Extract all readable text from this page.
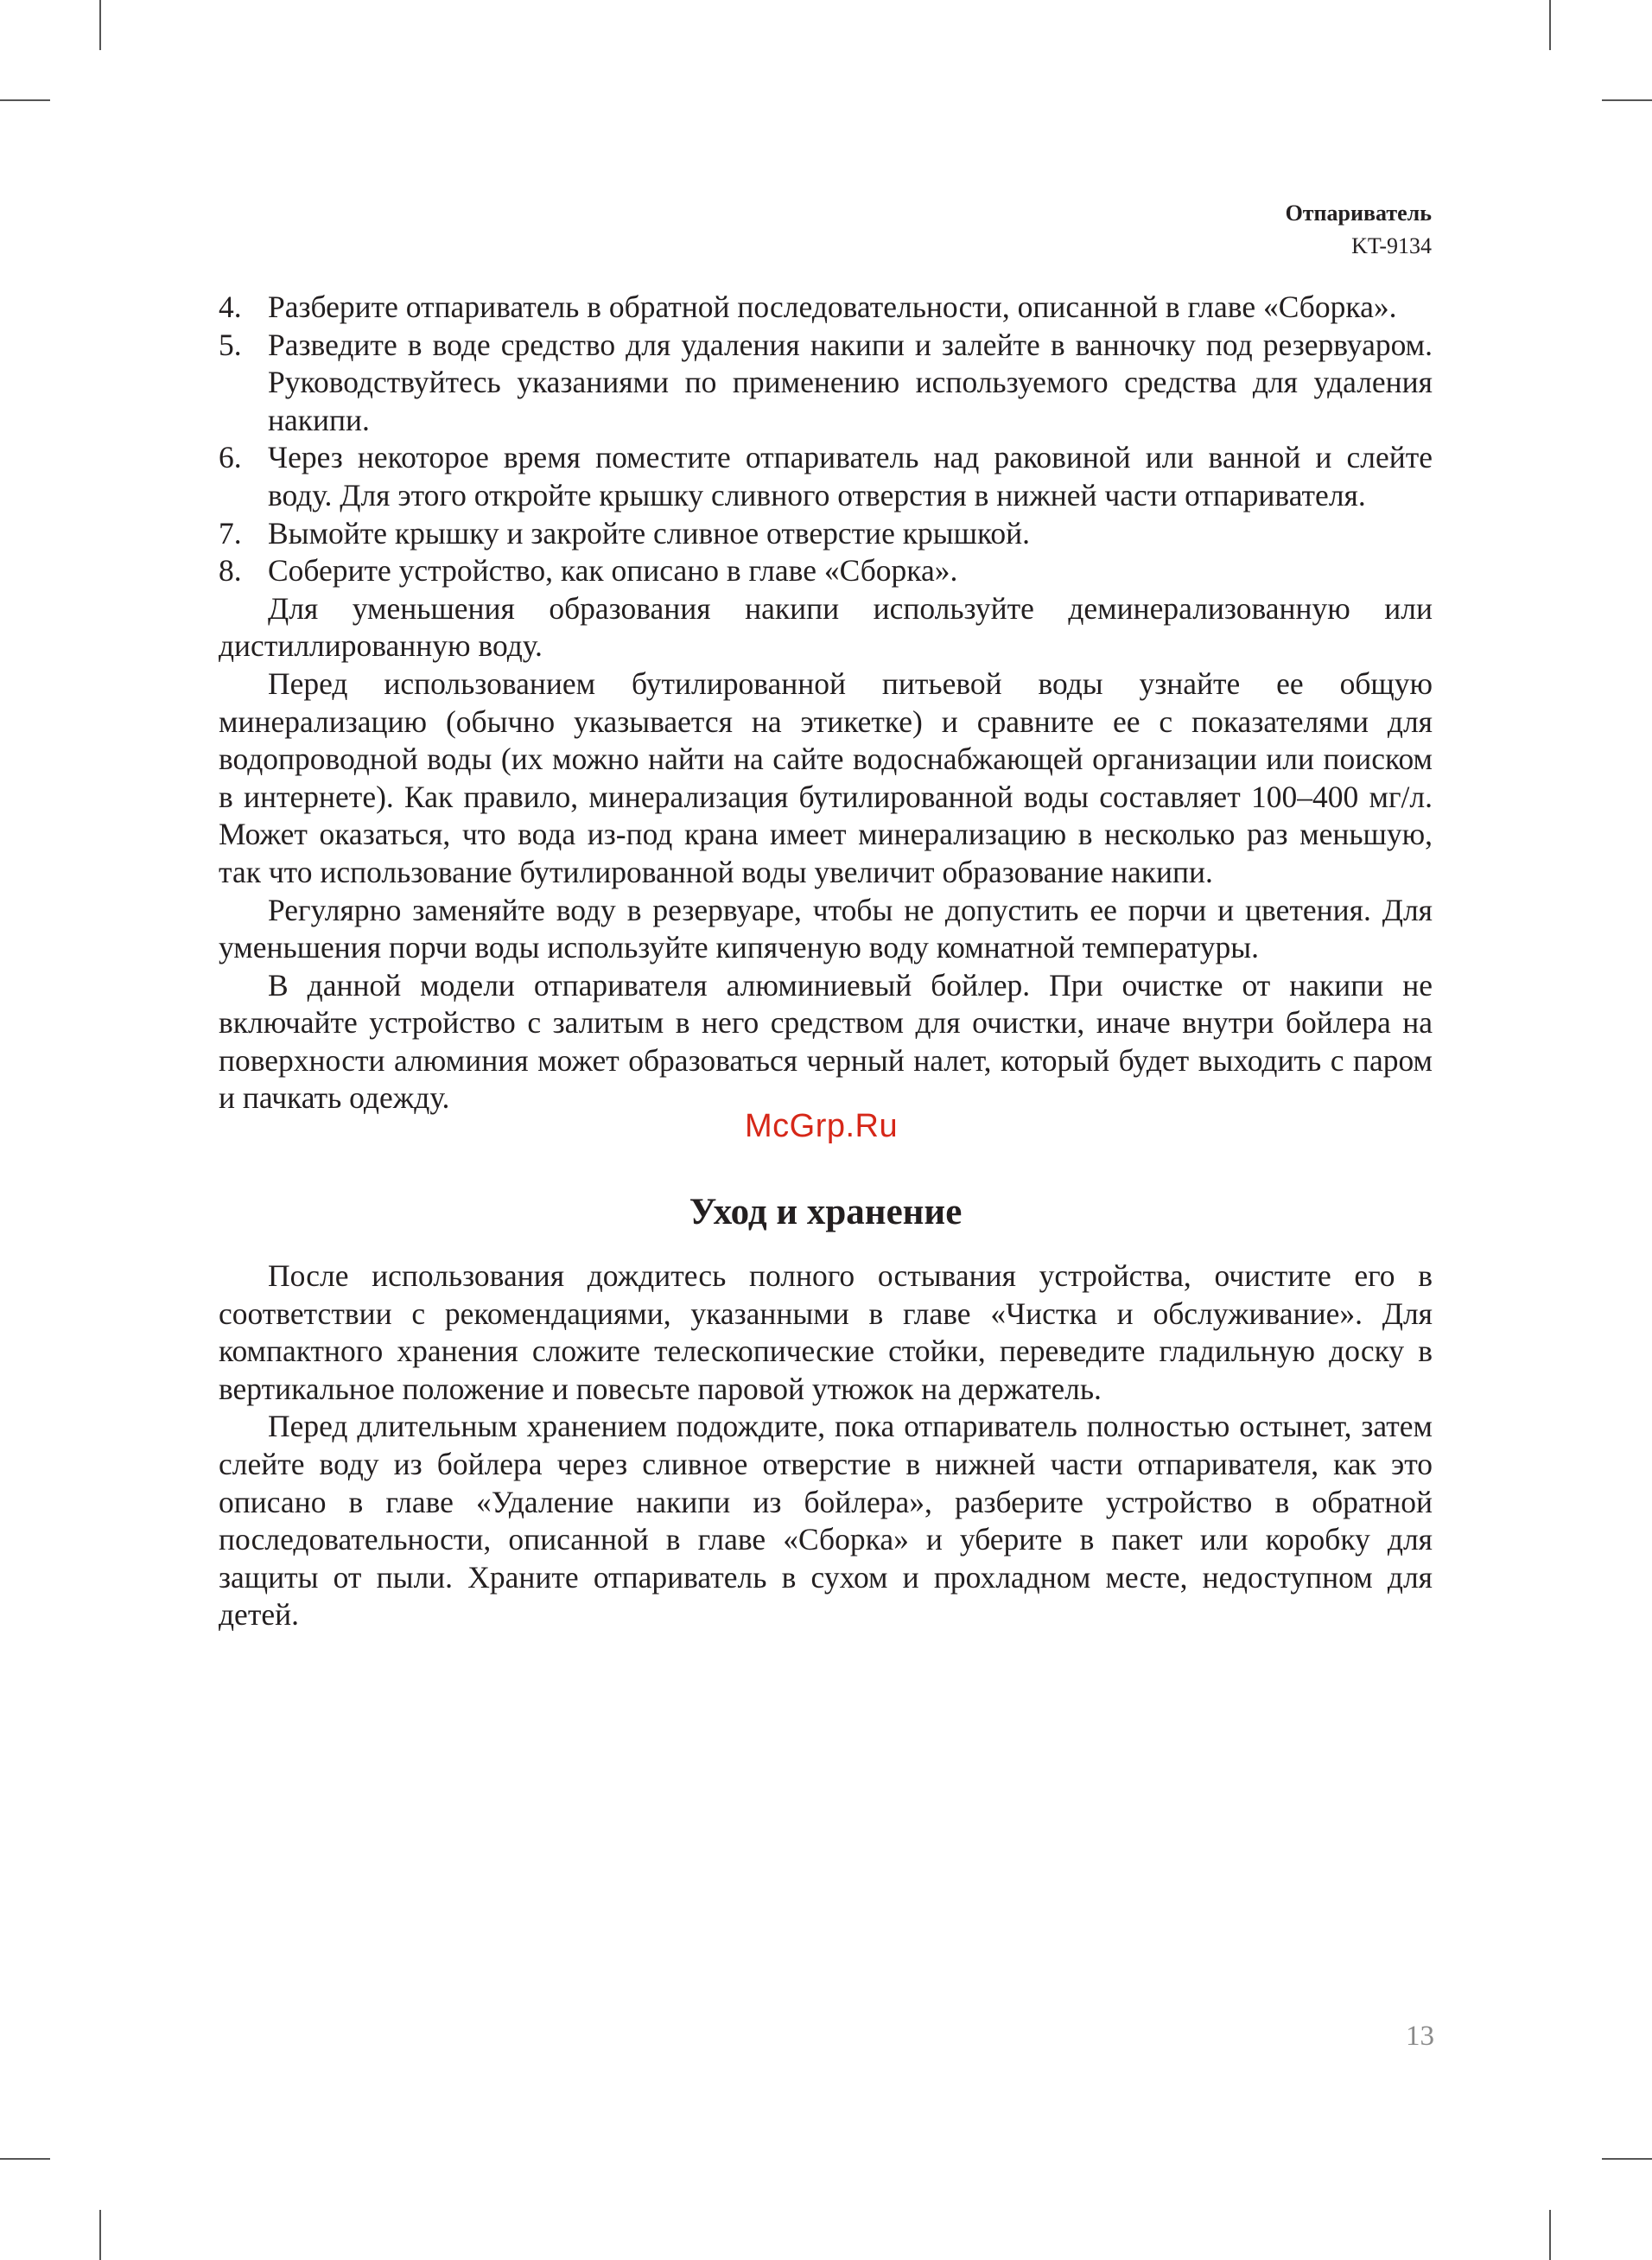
Отпариватель
KT-9134
4. Разберите отпариватель в обратной последовательности, описанной в главе «Сборка».
5. Разведите в воде средство для удаления накипи и залейте в ванночку под резервуаром. Руководствуйтесь указаниями по применению используемого средства для удаления накипи.
6. Через некоторое время поместите отпариватель над раковиной или ванной и слейте воду. Для этого откройте крышку сливного отверстия в нижней части отпаривателя.
7. Вымойте крышку и закройте сливное отверстие крышкой.
8. Соберите устройство, как описано в главе «Сборка».

Для уменьшения образования накипи используйте деминерализованную или дистиллированную воду.

Перед использованием бутилированной питьевой воды узнайте ее общую минерализацию (обычно указывается на этикетке) и сравните ее с показателями для водопроводной воды (их можно найти на сайте водоснабжающей организации или поиском в интернете). Как правило, минерализация бутилированной воды составляет 100–400 мг/л. Может оказаться, что вода из-под крана имеет минерализацию в несколько раз меньшую, так что использование бутилированной воды увеличит образование накипи.

Регулярно заменяйте воду в резервуаре, чтобы не допустить ее порчи и цветения. Для уменьшения порчи воды используйте кипяченую воду комнатной температуры.

В данной модели отпаривателя алюминиевый бойлер. При очистке от накипи не включайте устройство с залитым в него средством для очистки, иначе внутри бойлера на поверхности алюминия может образоваться черный налет, который будет выходить с паром и пачкать одежду.

Уход и хранение

После использования дождитесь полного остывания устройства, очистите его в соответствии с рекомендациями, указанными в главе «Чистка и обслуживание». Для компактного хранения сложите телескопические стойки, переведите гладильную доску в вертикальное положение и повесьте паровой утюжок на держатель.

Перед длительным хранением подождите, пока отпариватель полностью остынет, затем слейте воду из бойлера через сливное отверстие в нижней части отпаривателя, как это описано в главе «Удаление накипи из бойлера», разберите устройство в обратной последовательности, описанной в главе «Сборка» и уберите в пакет или коробку для защиты от пыли. Храните отпариватель в сухом и прохладном месте, недоступном для детей.

McGrp.Ru
13
